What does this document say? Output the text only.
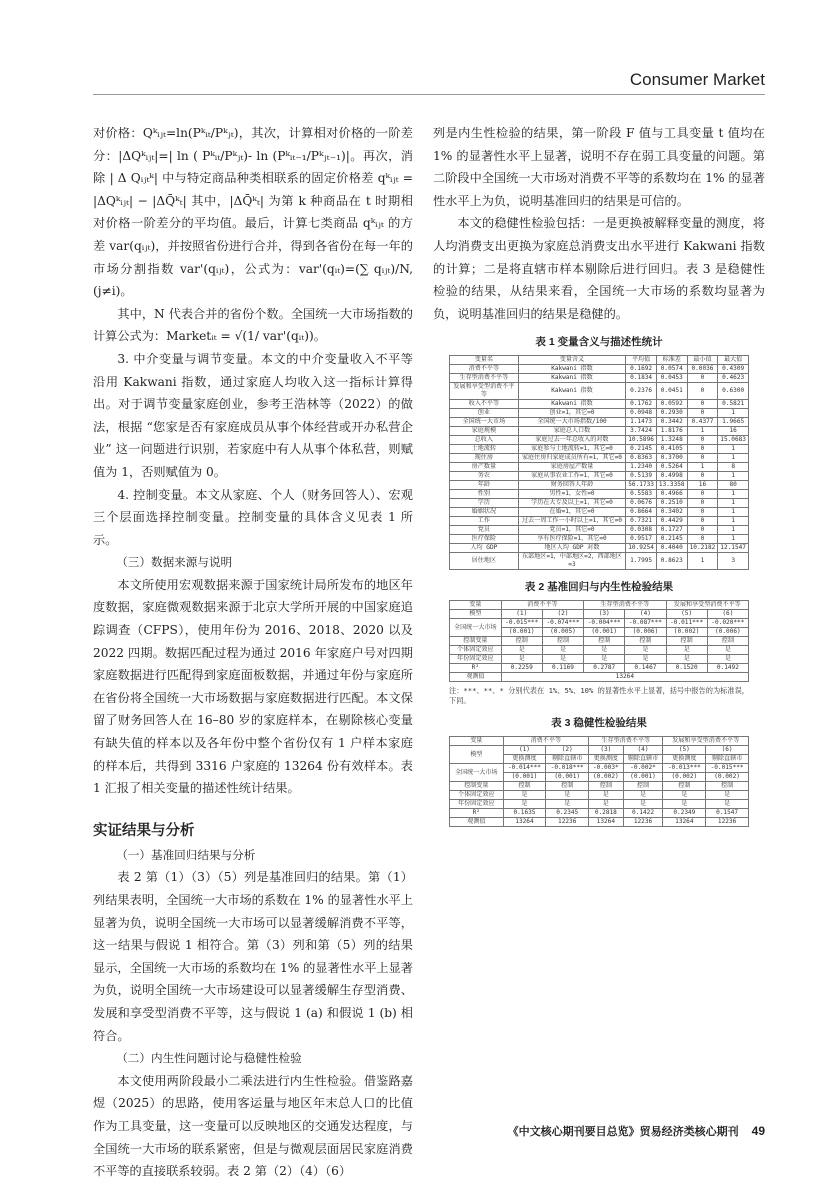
Consumer Market

对价格：Qᵏᵢⱼₜ=ln(Pᵏᵢₜ/Pᵏⱼₜ)，其次，计算相对价格的一阶差分：|ΔQᵏᵢⱼₜ|=| ln ( Pᵏᵢₜ/Pᵏⱼₜ)- ln (Pᵏᵢₜ₋₁/Pᵏⱼₜ₋₁)|。再次，消除 | Δ Qᵢⱼₜᵏ| 中与特定商品种类相联系的固定价格差 qᵏᵢⱼₜ = |ΔQᵏᵢⱼₜ| − |ΔQ̄ᵏₜ| 其中，|ΔQ̄ᵏₜ| 为第 k 种商品在 t 时期相对价格一阶差分的平均值。最后，计算七类商品 qᵏᵢⱼₜ 的方差 var(qᵢⱼₜ)，并按照省份进行合并，得到各省份在每一年的市场分割指数 var'(qᵢⱼₜ)，公式为：var'(qᵢₜ)=(∑ qᵢⱼₜ)/N, (j≠i)。

其中，N 代表合并的省份个数。全国统一大市场指数的计算公式为：Marketᵢₜ = √(1/ var'(qᵢₜ))。

3. 中介变量与调节变量。本文的中介变量收入不平等沿用 Kakwani 指数，通过家庭人均收入这一指标计算得出。对于调节变量家庭创业，参考王浩林等（2022）的做法，根据 “您家是否有家庭成员从事个体经营或开办私营企业” 这一问题进行识别，若家庭中有人从事个体私营，则赋值为 1，否则赋值为 0。

4. 控制变量。本文从家庭、个人（财务回答人）、宏观三个层面选择控制变量。控制变量的具体含义见表 1 所示。

（三）数据来源与说明

本文所使用宏观数据来源于国家统计局所发布的地区年度数据，家庭微观数据来源于北京大学所开展的中国家庭追踪调查（CFPS），使用年份为 2016、2018、2020 以及 2022 四期。数据匹配过程为通过 2016 年家庭户号对四期家庭数据进行匹配得到家庭面板数据，并通过年份与家庭所在省份将全国统一大市场数据与家庭数据进行匹配。本文保留了财务回答人在 16–80 岁的家庭样本，在剔除核心变量有缺失值的样本以及各年份中整个省份仅有 1 户样本家庭的样本后，共得到 3316 户家庭的 13264 份有效样本。表 1 汇报了相关变量的描述性统计结果。

实证结果与分析

（一）基准回归结果与分析

表 2 第（1）（3）（5）列是基准回归的结果。第（1）列结果表明，全国统一大市场的系数在 1% 的显著性水平上显著为负，说明全国统一大市场可以显著缓解消费不平等，这一结果与假说 1 相符合。第（3）列和第（5）列的结果显示，全国统一大市场的系数均在 1% 的显著性水平上显著为负，说明全国统一大市场建设可以显著缓解生存型消费、发展和享受型消费不平等，这与假说 1 (a) 和假说 1 (b) 相符合。

（二）内生性问题讨论与稳健性检验

本文使用两阶段最小二乘法进行内生性检验。借鉴路嘉煜（2025）的思路，使用客运量与地区年末总人口的比值作为工具变量，这一变量可以反映地区的交通发达程度，与全国统一大市场的联系紧密，但是与微观层面居民家庭消费不平等的直接联系较弱。表 2 第（2）（4）（6）

列是内生性检验的结果，第一阶段 F 值与工具变量 t 值均在 1% 的显著性水平上显著，说明不存在弱工具变量的问题。第二阶段中全国统一大市场对消费不平等的系数均在 1% 的显著性水平上为负，说明基准回归的结果是可信的。

本文的稳健性检验包括：一是更换被解释变量的测度，将人均消费支出更换为家庭总消费支出水平进行 Kakwani 指数的计算；二是将直辖市样本剔除后进行回归。表 3 是稳健性检验的结果，从结果来看，全国统一大市场的系数均显著为负，说明基准回归的结果是稳健的。

表 1 变量含义与描述性统计
变量名	变量含义	平均值	标准差	最小值	最大值
消费不平等	Kakwani 指数	0.1692	0.0574	0.0036	0.4309
生存型消费不平等	Kakwani 指数	0.1834	0.0453	0	0.4623
发展和享受型消费不平等	Kakwani 指数	0.2376	0.0451	0	0.6300
收入不平等	Kakwani 指数	0.1762	0.0592	0	0.5821
创业	创业=1，其它=0	0.0948	0.2930	0	1
全国统一大市场	全国统一大市场指数/100	1.1473	0.3442	0.4377	1.9665
家庭规模	家庭总人口数	3.7424	1.8176	1	16
总收入	家庭过去一年总收入的对数	10.5896	1.3248	0	15.0683
土地流转	家庭参与土地流转=1，其它=0	0.2145	0.4105	0	1
现住房	家庭住房归家庭成员所有=1，其它=0	0.8363	0.3700	0	1
房产数量	家庭房屋产数量	1.2340	0.5264	1	8
务农	家庭从事农业工作=1，其它=0	0.5139	0.4998	0	1
年龄	财务回答人年龄	56.1733	13.3358	16	80
性别	男性=1，女性=0	0.5583	0.4966	0	1
学历	学历在大专及以上=1，其它=0	0.0676	0.2510	0	1
婚姻状况	在婚=1，其它=0	0.8664	0.3402	0	1
工作	过去一周工作一小时以上=1，其它=0	0.7321	0.4429	0	1
党员	党员=1，其它=0	0.0308	0.1727	0	1
医疗保险	享有医疗保险=1，其它=0	0.9517	0.2145	0	1
人均 GDP	地区人均 GDP 对数	10.9254	0.4040	10.2182	12.1547
居住地区	东部地区=1，中部地区=2，西部地区=3	1.7995	0.8623	1	3
表 2 基准回归与内生性检验结果
变量	消费不平等		生存型消费不平等		发展和享受型消费不平等	
模型	(1)	(2)	(3)	(4)	(5)	(6)
全国统一大市场	-0.015***	-0.074***	-0.004***	-0.087***	-0.011***	-0.020***
	(0.001)	(0.005)	(0.001)	(0.006)	(0.002)	(0.006)
控制变量	控制	控制	控制	控制	控制	控制
个体固定效应	是	是	是	是	是	是
年份固定效应	是	是	是	是	是	是
R²	0.2259	0.1169	0.2787	0.1467	0.1520	0.1492
观测值	13264					
注：***、**、* 分别代表在 1%、5%、10% 的显著性水平上显著，括号中报告的为标准误，下同。
表 3 稳健性检验结果
变量	消费不平等		生存型消费不平等		发展和享受型消费不平等	
模型	(1)	(2)	(3)	(4)	(5)	(6)
	更换测度	剔除直辖市	更换测度	剔除直辖市	更换测度	剔除直辖市
全国统一大市场	-0.014***	-0.018***	-0.003*	-0.002*	-0.013***	-0.015***
	(0.001)	(0.001)	(0.002)	(0.001)	(0.002)	(0.002)
控制变量	控制	控制	控制	控制	控制	控制
个体固定效应	是	是	是	是	是	是
年份固定效应	是	是	是	是	是	是
R²	0.1635	0.2345	0.2818	0.1422	0.2349	0.1547
观测值	13264	12236	13264	12236	13264	12236
《中文核心期刊要目总览》贸易经济类核心期刊 49
